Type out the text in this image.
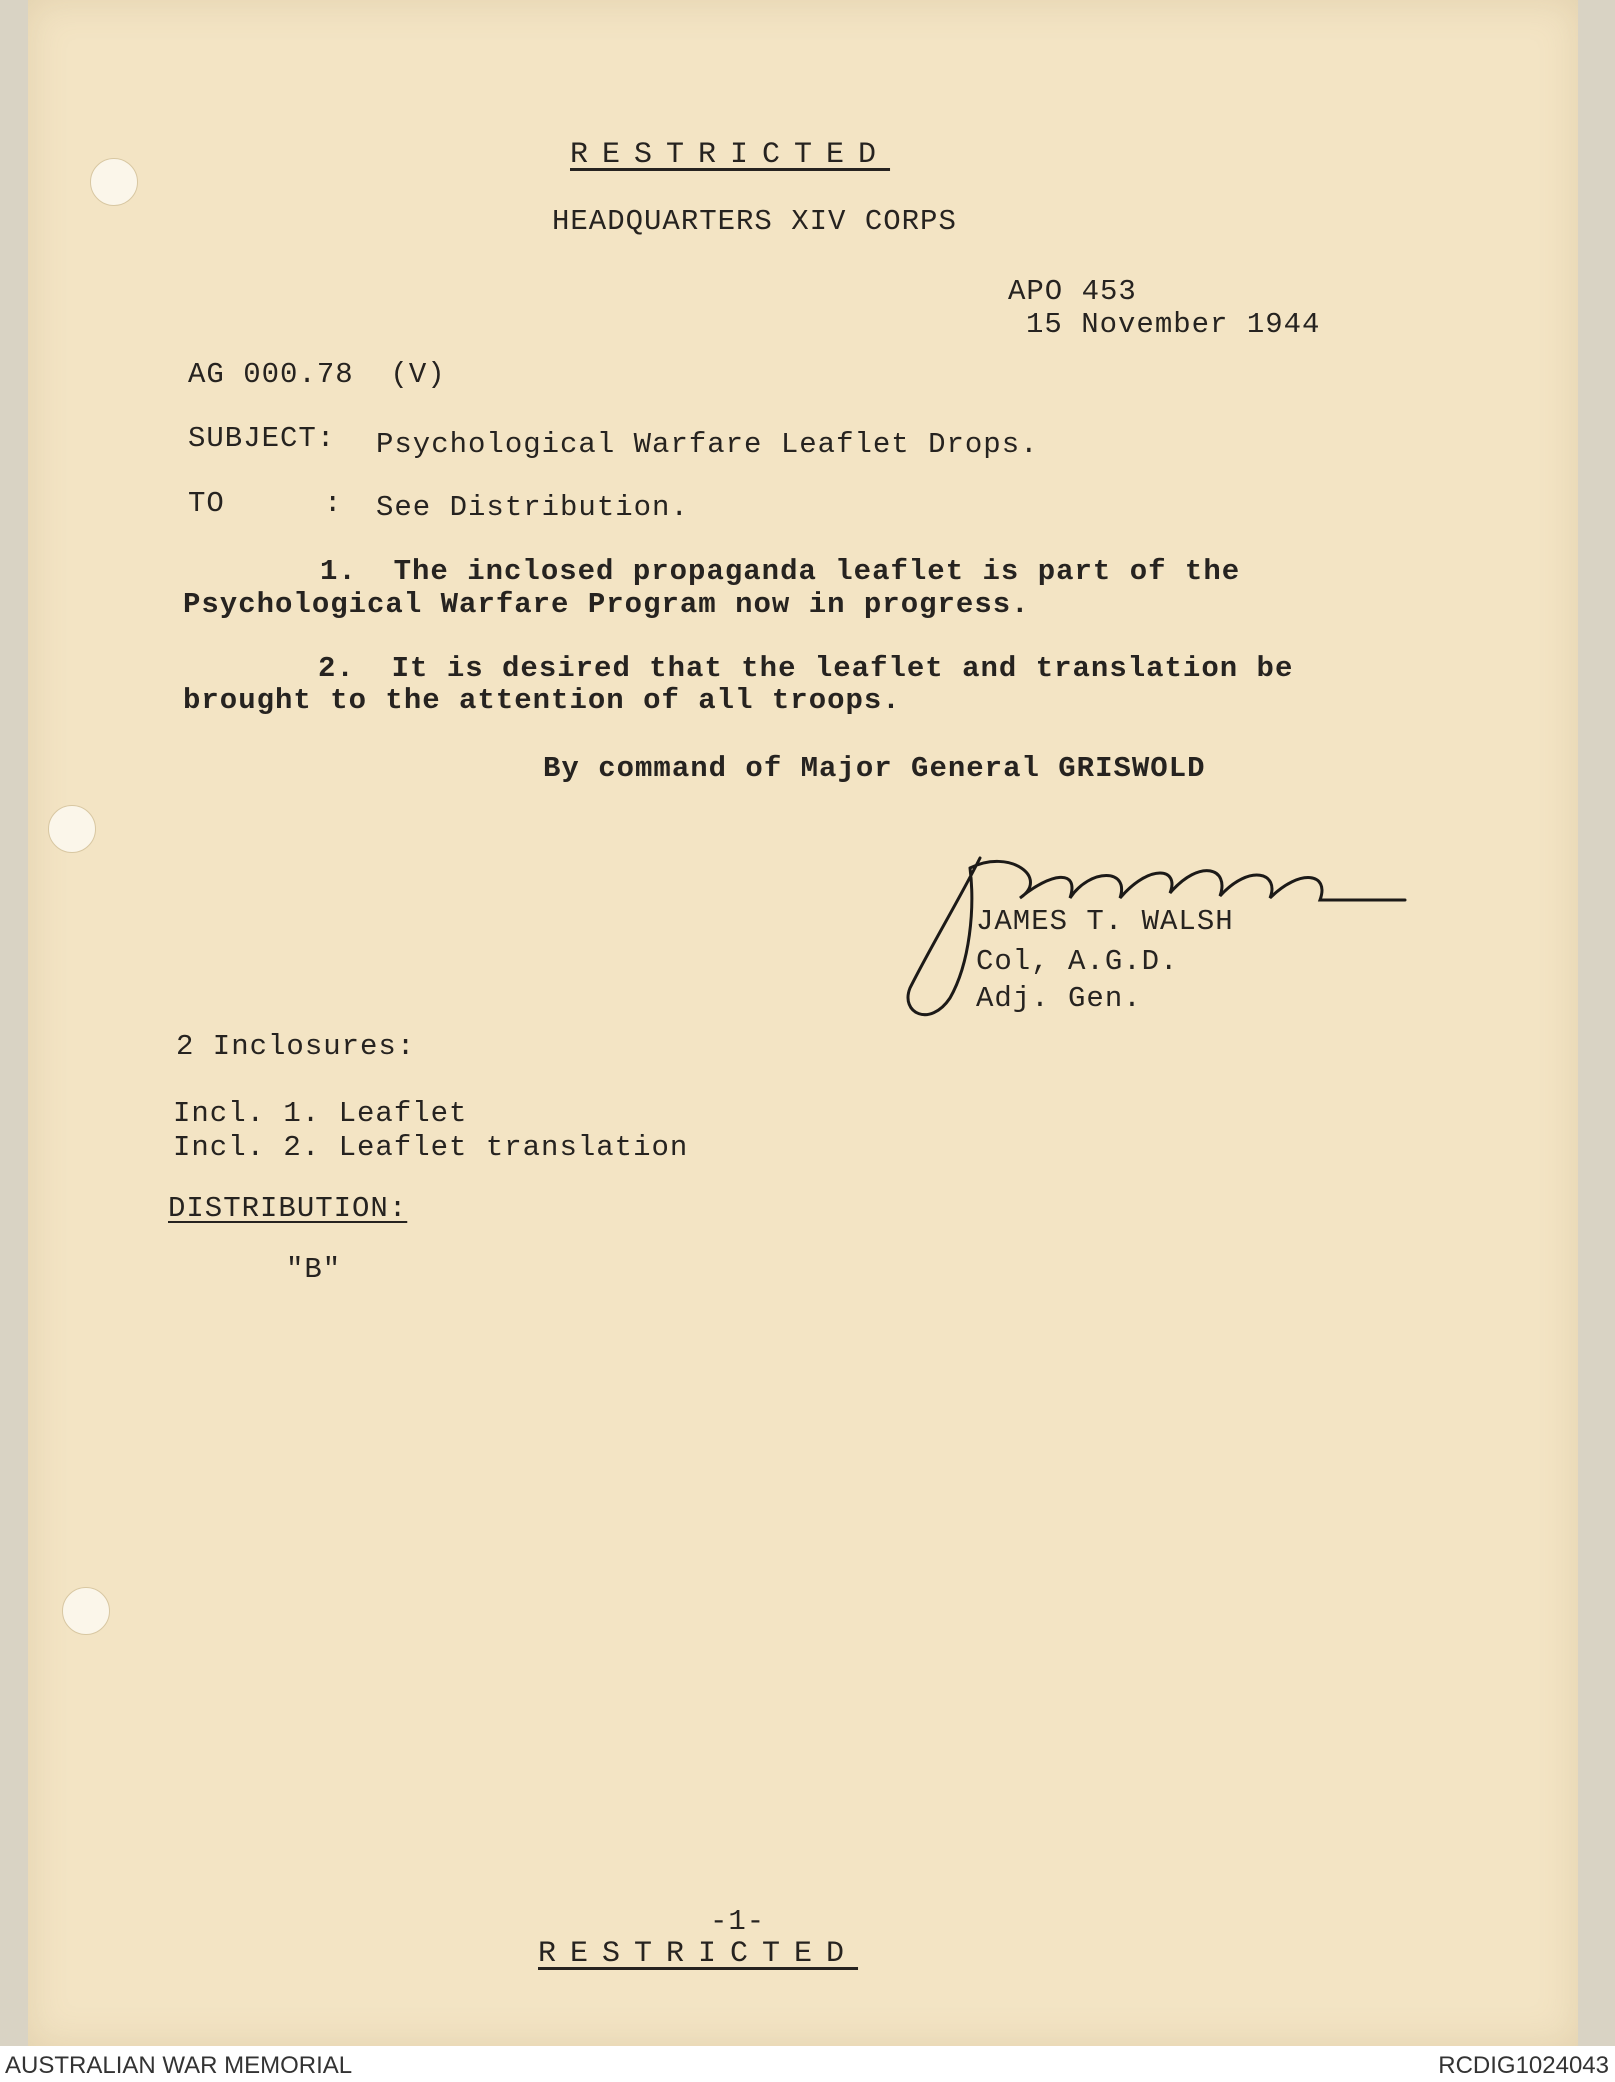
RESTRICTED
HEADQUARTERS XIV CORPS
APO 453
15 November 1944
AG 000.78  (V)
SUBJECT: Psychological Warfare Leaflet Drops.
TO	: See Distribution.
1.  The inclosed propaganda leaflet is part of the
Psychological Warfare Program now in progress.
2.  It is desired that the leaflet and translation be
brought to the attention of all troops.
By command of Major General GRISWOLD
JAMES T. WALSH
Col, A.G.D.
Adj. Gen.
2 Inclosures:
Incl. 1. Leaflet
Incl. 2. Leaflet translation
DISTRIBUTION:
"B"
-1-
RESTRICTED
AUSTRALIAN WAR MEMORIAL	RCDIG1024043
